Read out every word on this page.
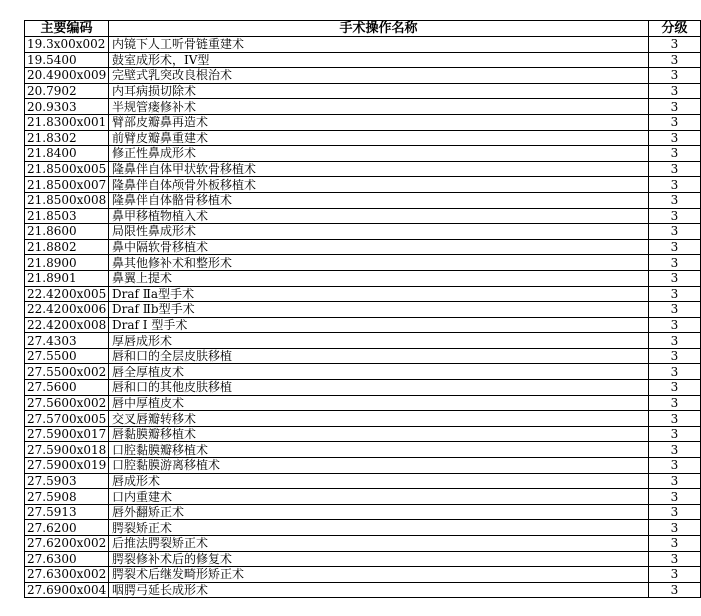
主要编码	手术操作名称	分级
19.3x00x002	内镜下人工听骨链重建术	3
19.5400	鼓室成形术，IV型	3
20.4900x009	完壁式乳突改良根治术	3
20.7902	内耳病损切除术	3
20.9303	半规管瘘修补术	3
21.8300x001	臂部皮瓣鼻再造术	3
21.8302	前臂皮瓣鼻重建术	3
21.8400	修正性鼻成形术	3
21.8500x005	隆鼻伴自体甲状软骨移植术	3
21.8500x007	隆鼻伴自体颅骨外板移植术	3
21.8500x008	隆鼻伴自体骼骨移植术	3
21.8503	鼻甲移植物植入术	3
21.8600	局限性鼻成形术	3
21.8802	鼻中隔软骨移植术	3
21.8900	鼻其他修补术和整形术	3
21.8901	鼻翼上提术	3
22.4200x005	Draf Ⅱa型手术	3
22.4200x006	Draf Ⅱb型手术	3
22.4200x008	Draf Ⅰ 型手术	3
27.4303	厚唇成形术	3
27.5500	唇和口的全层皮肤移植	3
27.5500x002	唇全厚植皮术	3
27.5600	唇和口的其他皮肤移植	3
27.5600x002	唇中厚植皮术	3
27.5700x005	交叉唇瓣转移术	3
27.5900x017	唇黏膜瓣移植术	3
27.5900x018	口腔黏膜瓣移植术	3
27.5900x019	口腔黏膜游离移植术	3
27.5903	唇成形术	3
27.5908	口内重建术	3
27.5913	唇外翻矫正术	3
27.6200	腭裂矫正术	3
27.6200x002	后推法腭裂矫正术	3
27.6300	腭裂修补术后的修复术	3
27.6300x002	腭裂术后继发畸形矫正术	3
27.6900x004	咽腭弓延长成形术	3
